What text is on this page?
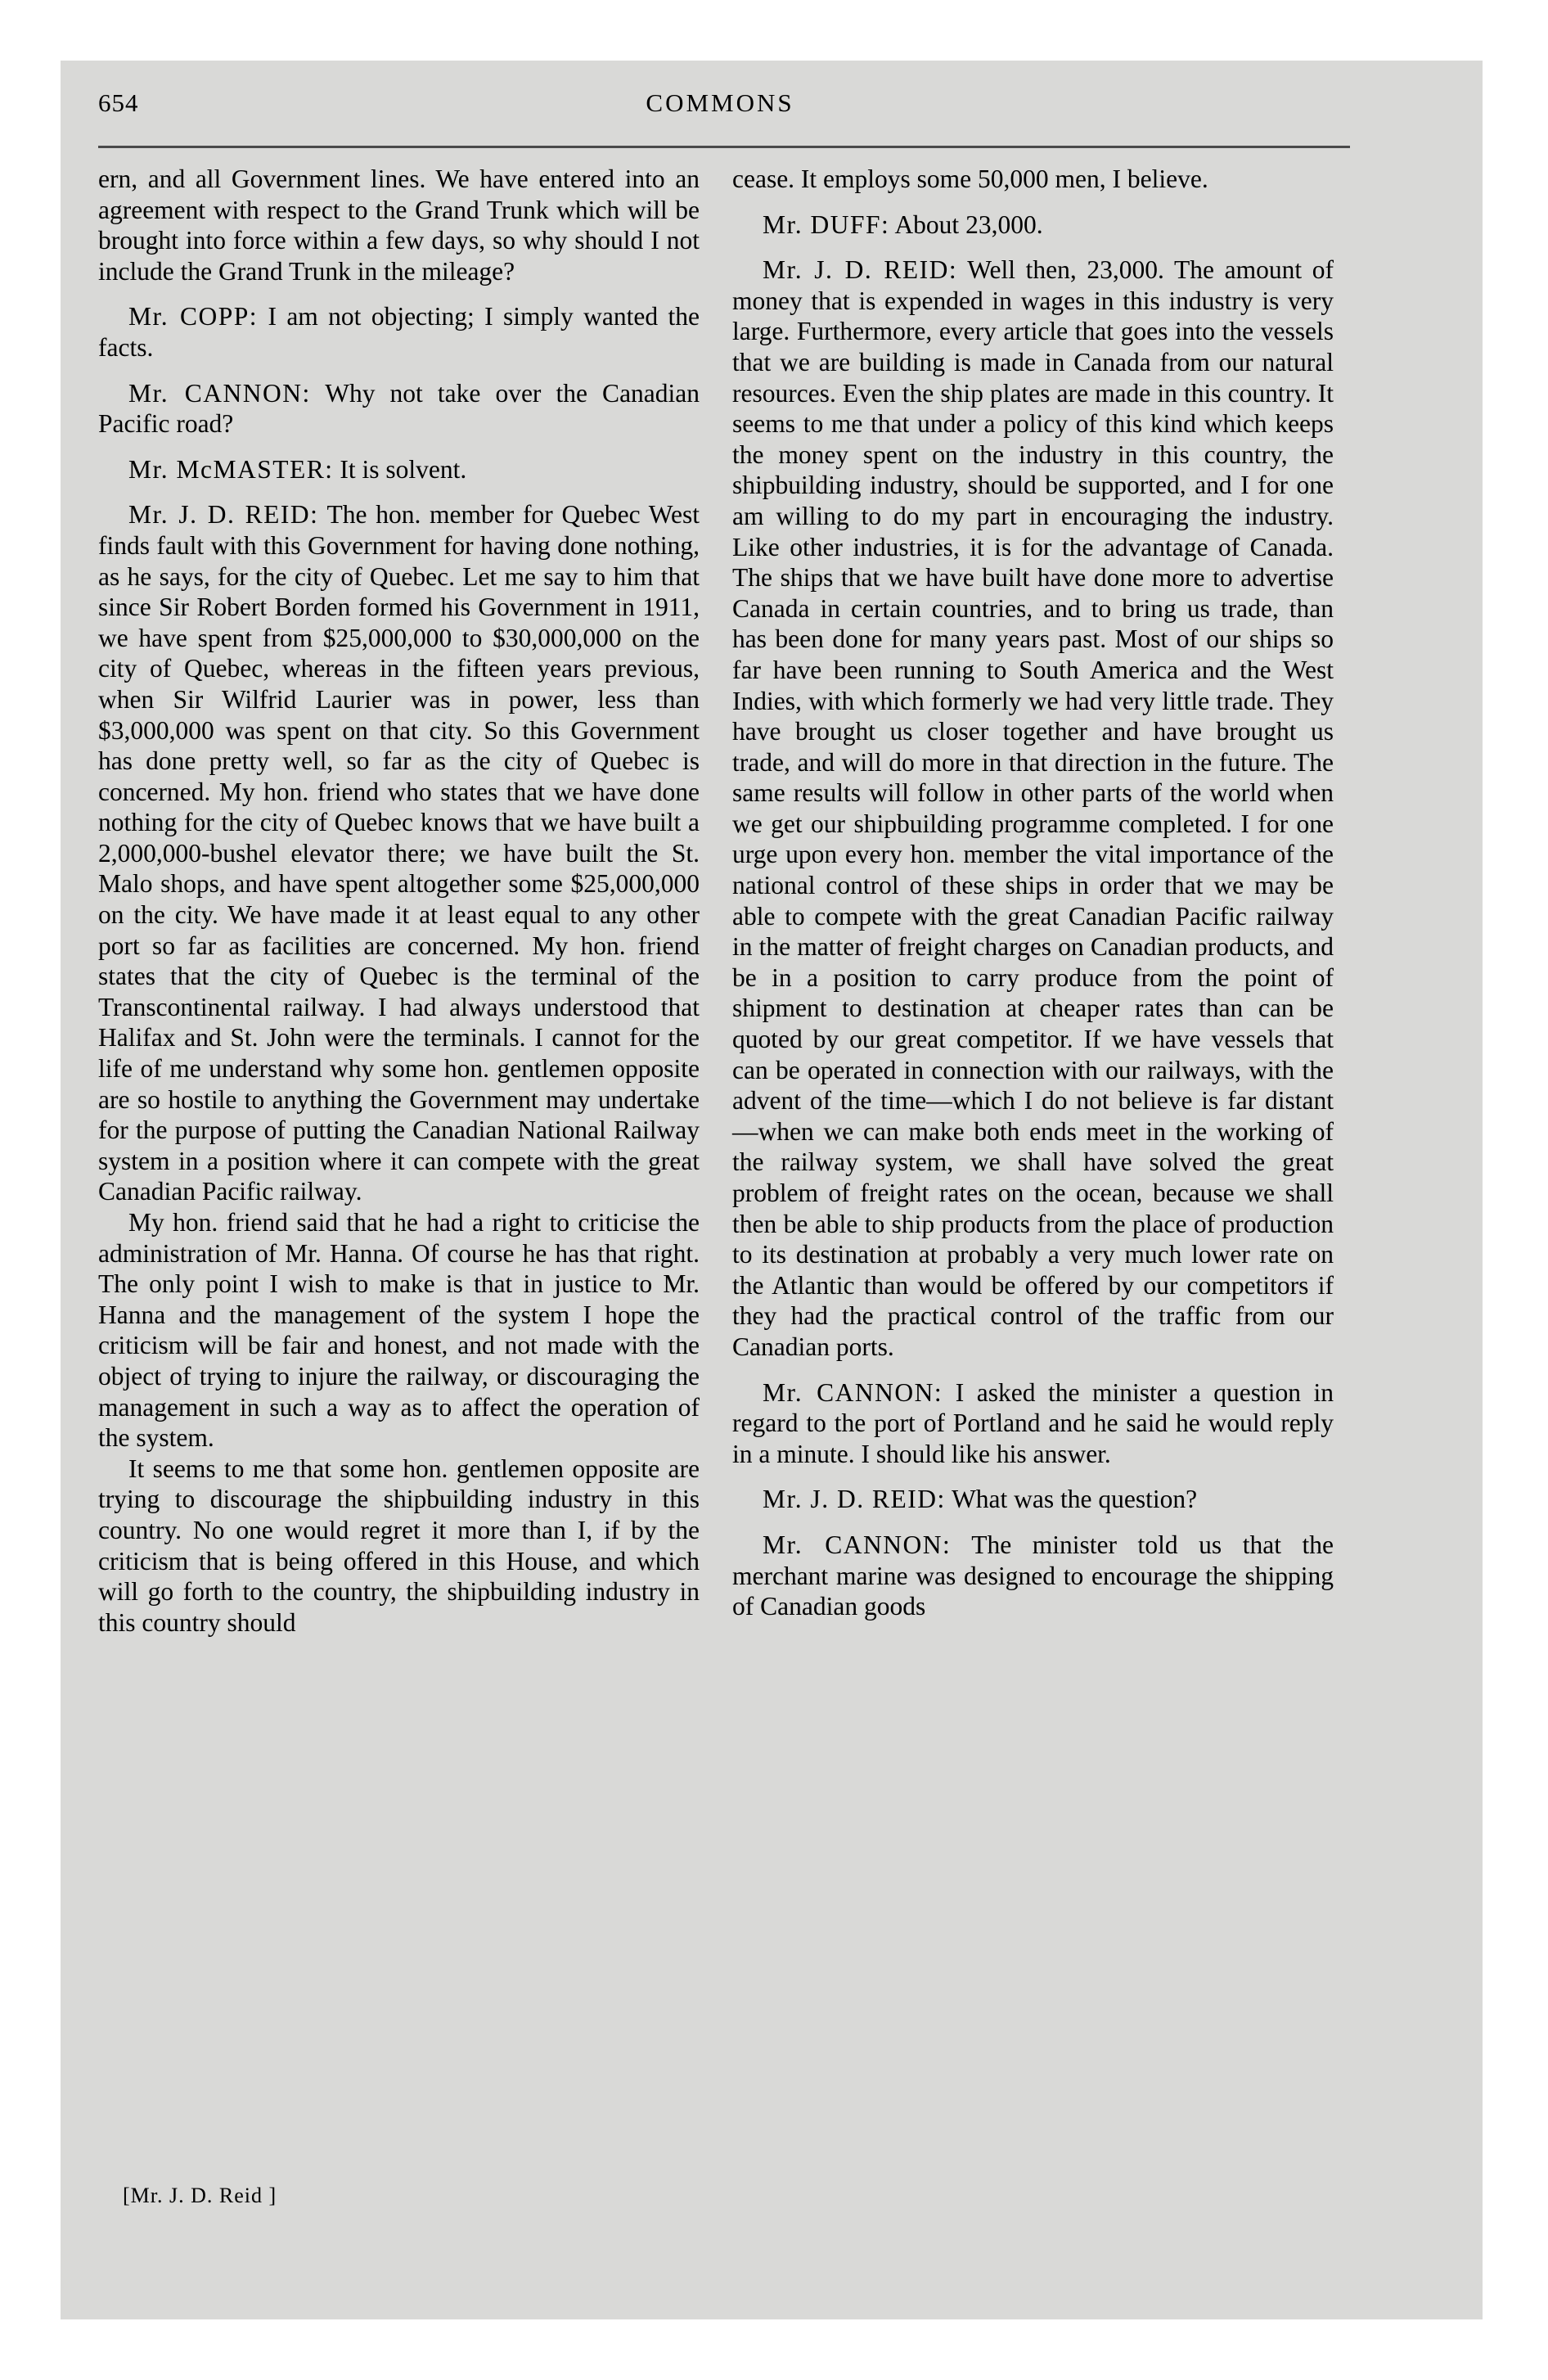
654	COMMONS

ern, and all Government lines. We have entered into an agreement with respect to the Grand Trunk which will be brought into force within a few days, so why should I not include the Grand Trunk in the mileage?

Mr. COPP: I am not objecting; I simply wanted the facts.

Mr. CANNON: Why not take over the Canadian Pacific road?

Mr. McMASTER: It is solvent.

Mr. J. D. REID: The hon. member for Quebec West finds fault with this Government for having done nothing, as he says, for the city of Quebec. Let me say to him that since Sir Robert Borden formed his Government in 1911, we have spent from $25,000,000 to $30,000,000 on the city of Quebec, whereas in the fifteen years previous, when Sir Wilfrid Laurier was in power, less than $3,000,000 was spent on that city. So this Government has done pretty well, so far as the city of Quebec is concerned. My hon. friend who states that we have done nothing for the city of Quebec knows that we have built a 2,000,000-bushel elevator there; we have built the St. Malo shops, and have spent altogether some $25,000,000 on the city. We have made it at least equal to any other port so far as facilities are concerned. My hon. friend states that the city of Quebec is the terminal of the Transcontinental railway. I had always understood that Halifax and St. John were the terminals. I cannot for the life of me understand why some hon. gentlemen opposite are so hostile to anything the Government may undertake for the purpose of putting the Canadian National Railway system in a position where it can compete with the great Canadian Pacific railway.

My hon. friend said that he had a right to criticise the administration of Mr. Hanna. Of course he has that right. The only point I wish to make is that in justice to Mr. Hanna and the management of the system I hope the criticism will be fair and honest, and not made with the object of trying to injure the railway, or discouraging the management in such a way as to affect the operation of the system.

It seems to me that some hon. gentlemen opposite are trying to discourage the shipbuilding industry in this country. No one would regret it more than I, if by the criticism that is being offered in this House, and which will go forth to the country, the shipbuilding industry in this country should

cease. It employs some 50,000 men, I believe.

Mr. DUFF: About 23,000.

Mr. J. D. REID: Well then, 23,000. The amount of money that is expended in wages in this industry is very large. Furthermore, every article that goes into the vessels that we are building is made in Canada from our natural resources. Even the ship plates are made in this country. It seems to me that under a policy of this kind which keeps the money spent on the industry in this country, the shipbuilding industry, should be supported, and I for one am willing to do my part in encouraging the industry. Like other industries, it is for the advantage of Canada. The ships that we have built have done more to advertise Canada in certain countries, and to bring us trade, than has been done for many years past. Most of our ships so far have been running to South America and the West Indies, with which formerly we had very little trade. They have brought us closer together and have brought us trade, and will do more in that direction in the future. The same results will follow in other parts of the world when we get our shipbuilding programme completed. I for one urge upon every hon. member the vital importance of the national control of these ships in order that we may be able to compete with the great Canadian Pacific railway in the matter of freight charges on Canadian products, and be in a position to carry produce from the point of shipment to destination at cheaper rates than can be quoted by our great competitor. If we have vessels that can be operated in connection with our railways, with the advent of the time—which I do not believe is far distant—when we can make both ends meet in the working of the railway system, we shall have solved the great problem of freight rates on the ocean, because we shall then be able to ship products from the place of production to its destination at probably a very much lower rate on the Atlantic than would be offered by our competitors if they had the practical control of the traffic from our Canadian ports.

Mr. CANNON: I asked the minister a question in regard to the port of Portland and he said he would reply in a minute. I should like his answer.

Mr. J. D. REID: What was the question?

Mr. CANNON: The minister told us that the merchant marine was designed to encourage the shipping of Canadian goods

[Mr. J. D. Reid ]
